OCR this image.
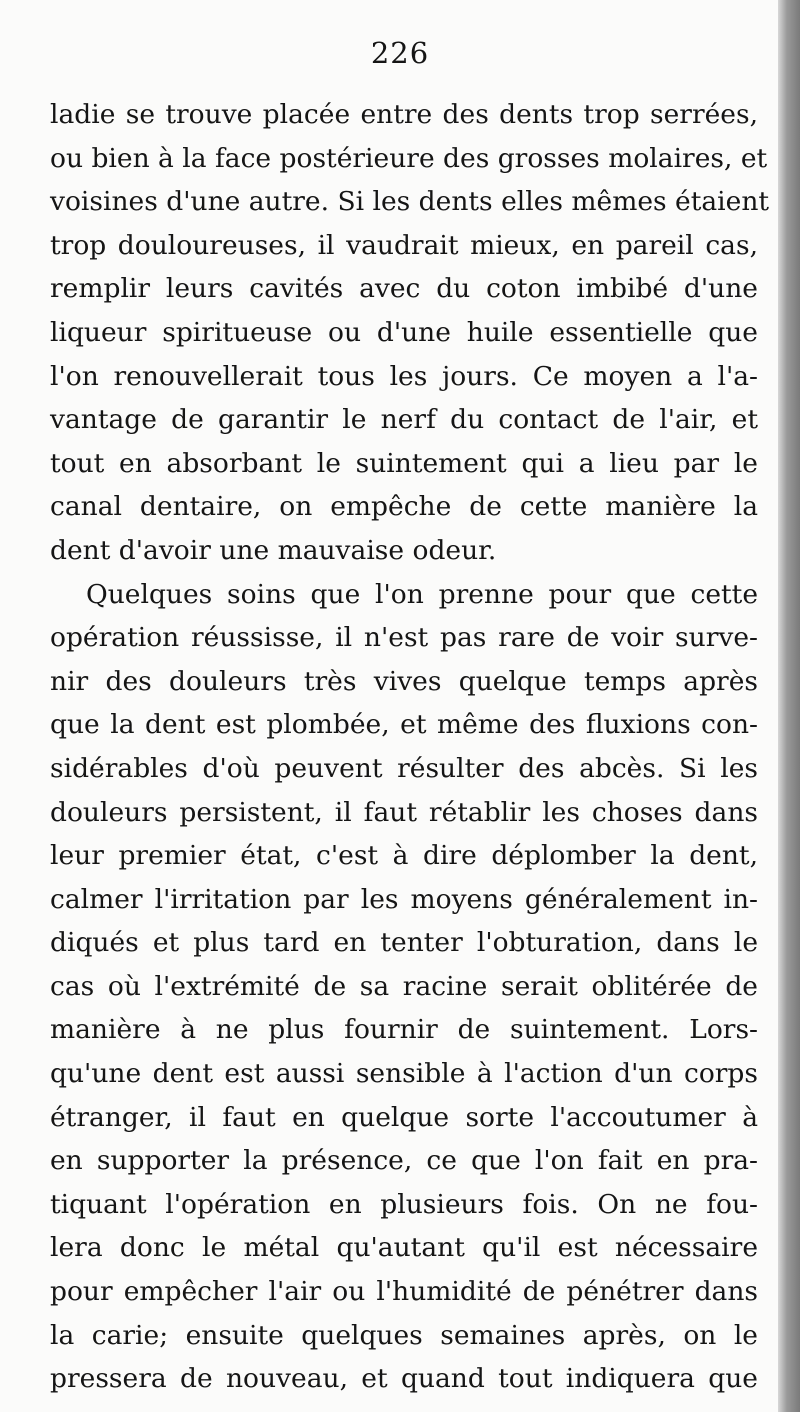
226
ladie se trouve placée entre des dents trop serrées,
ou bien à la face postérieure des grosses molaires, et
voisines d'une autre. Si les dents elles mêmes étaient
trop douloureuses, il vaudrait mieux, en pareil cas,
remplir leurs cavités avec du coton imbibé d'une
liqueur spiritueuse ou d'une huile essentielle que
l'on renouvellerait tous les jours. Ce moyen a l'a-
vantage de garantir le nerf du contact de l'air, et
tout en absorbant le suintement qui a lieu par le
canal dentaire, on empêche de cette manière la
dent d'avoir une mauvaise odeur.
Quelques soins que l'on prenne pour que cette
opération réussisse, il n'est pas rare de voir surve-
nir des douleurs très vives quelque temps après
que la dent est plombée, et même des fluxions con-
sidérables d'où peuvent résulter des abcès. Si les
douleurs persistent, il faut rétablir les choses dans
leur premier état, c'est à dire déplomber la dent,
calmer l'irritation par les moyens généralement in-
diqués et plus tard en tenter l'obturation, dans le
cas où l'extrémité de sa racine serait oblitérée de
manière à ne plus fournir de suintement. Lors-
qu'une dent est aussi sensible à l'action d'un corps
étranger, il faut en quelque sorte l'accoutumer à
en supporter la présence, ce que l'on fait en pra-
tiquant l'opération en plusieurs fois. On ne fou-
lera donc le métal qu'autant qu'il est nécessaire
pour empêcher l'air ou l'humidité de pénétrer dans
la carie; ensuite quelques semaines après, on le
pressera de nouveau, et quand tout indiquera que
